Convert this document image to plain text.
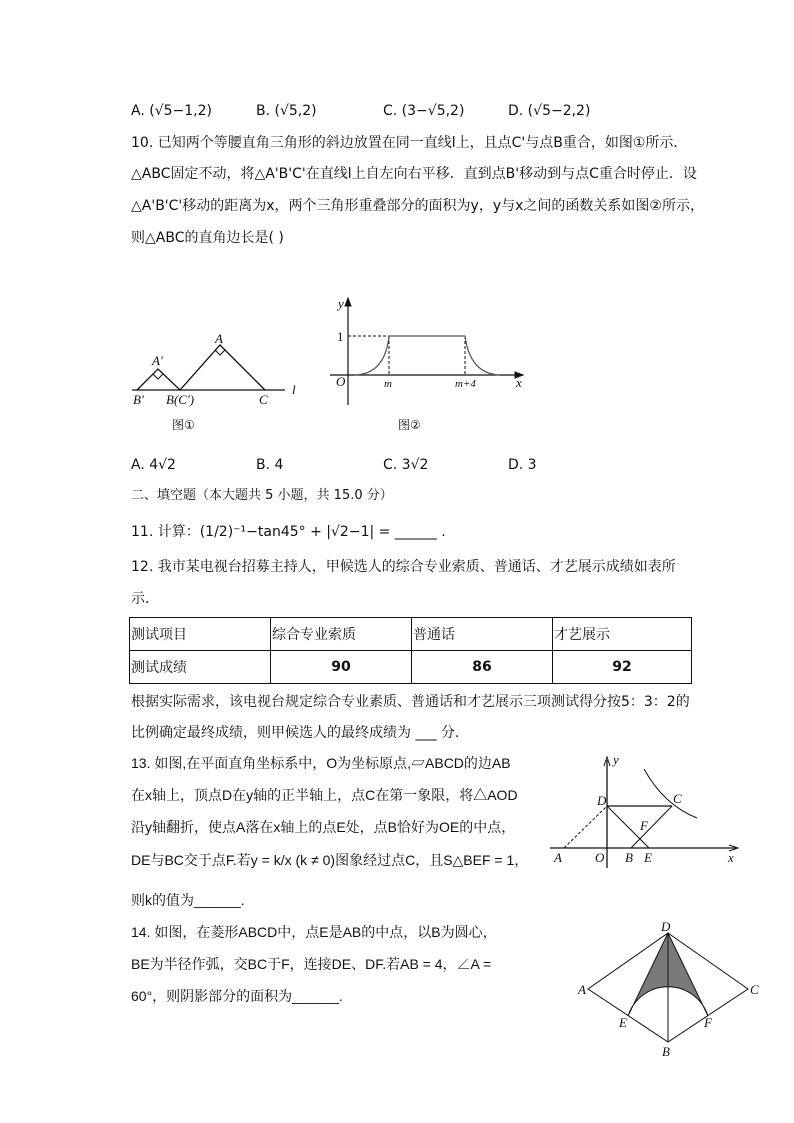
A. (√5−1,2)	B. (√5,2)	C. (3−√5,2)	D. (√5−2,2)
10. 已知两个等腰直角三角形的斜边放置在同一直线l上，且点C'与点B重合，如图①所示．
△ABC固定不动，将△A'B'C'在直线l上自左向右平移．直到点B'移动到与点C重合时停止．设
△A'B'C'移动的距离为x，两个三角形重叠部分的面积为y，y与x之间的函数关系如图②所示，
则△ABC的直角边长是( )
A'
A
B' B(C')	C
l
y
1
O	m	m+4	x
y
D	C
F
A	O B E	x
D
A	C
E	F
B
图①	图②
A. 4√2	B. 4	C. 3√2	D. 3
二、填空题（本大题共 5 小题，共 15.0 分）
11. 计算：(1/2)⁻¹−tan45° + |√2−1| = ______ .
12. 我市某电视台招募主持人，甲候选人的综合专业索质、普通话、才艺展示成绩如表所
示．
测试项目	综合专业索质	普通话	才艺展示
测试成绩	90	86	92
根据实际需求，该电视台规定综合专业素质、普通话和才艺展示三项测试得分按5：3：2的
比例确定最终成绩，则甲候选人的最终成绩为 ___ 分.
13. 如图,在平面直角坐标系中，O为坐标原点,▱ABCD的边AB
在x轴上，顶点D在y轴的正半轴上，点C在第一象限，将△AOD
沿y轴翻折，使点A落在x轴上的点E处，点B恰好为OE的中点，
DE与BC交于点F.若y = k/x (k ≠ 0)图象经过点C，且S△BEF = 1，
则k的值为______.
14. 如图，在菱形ABCD中，点E是AB的中点，以B为圆心，
BE为半径作弧，交BC于F，连接DE、DF.若AB = 4，∠A =
60°，则阴影部分的面积为______.
